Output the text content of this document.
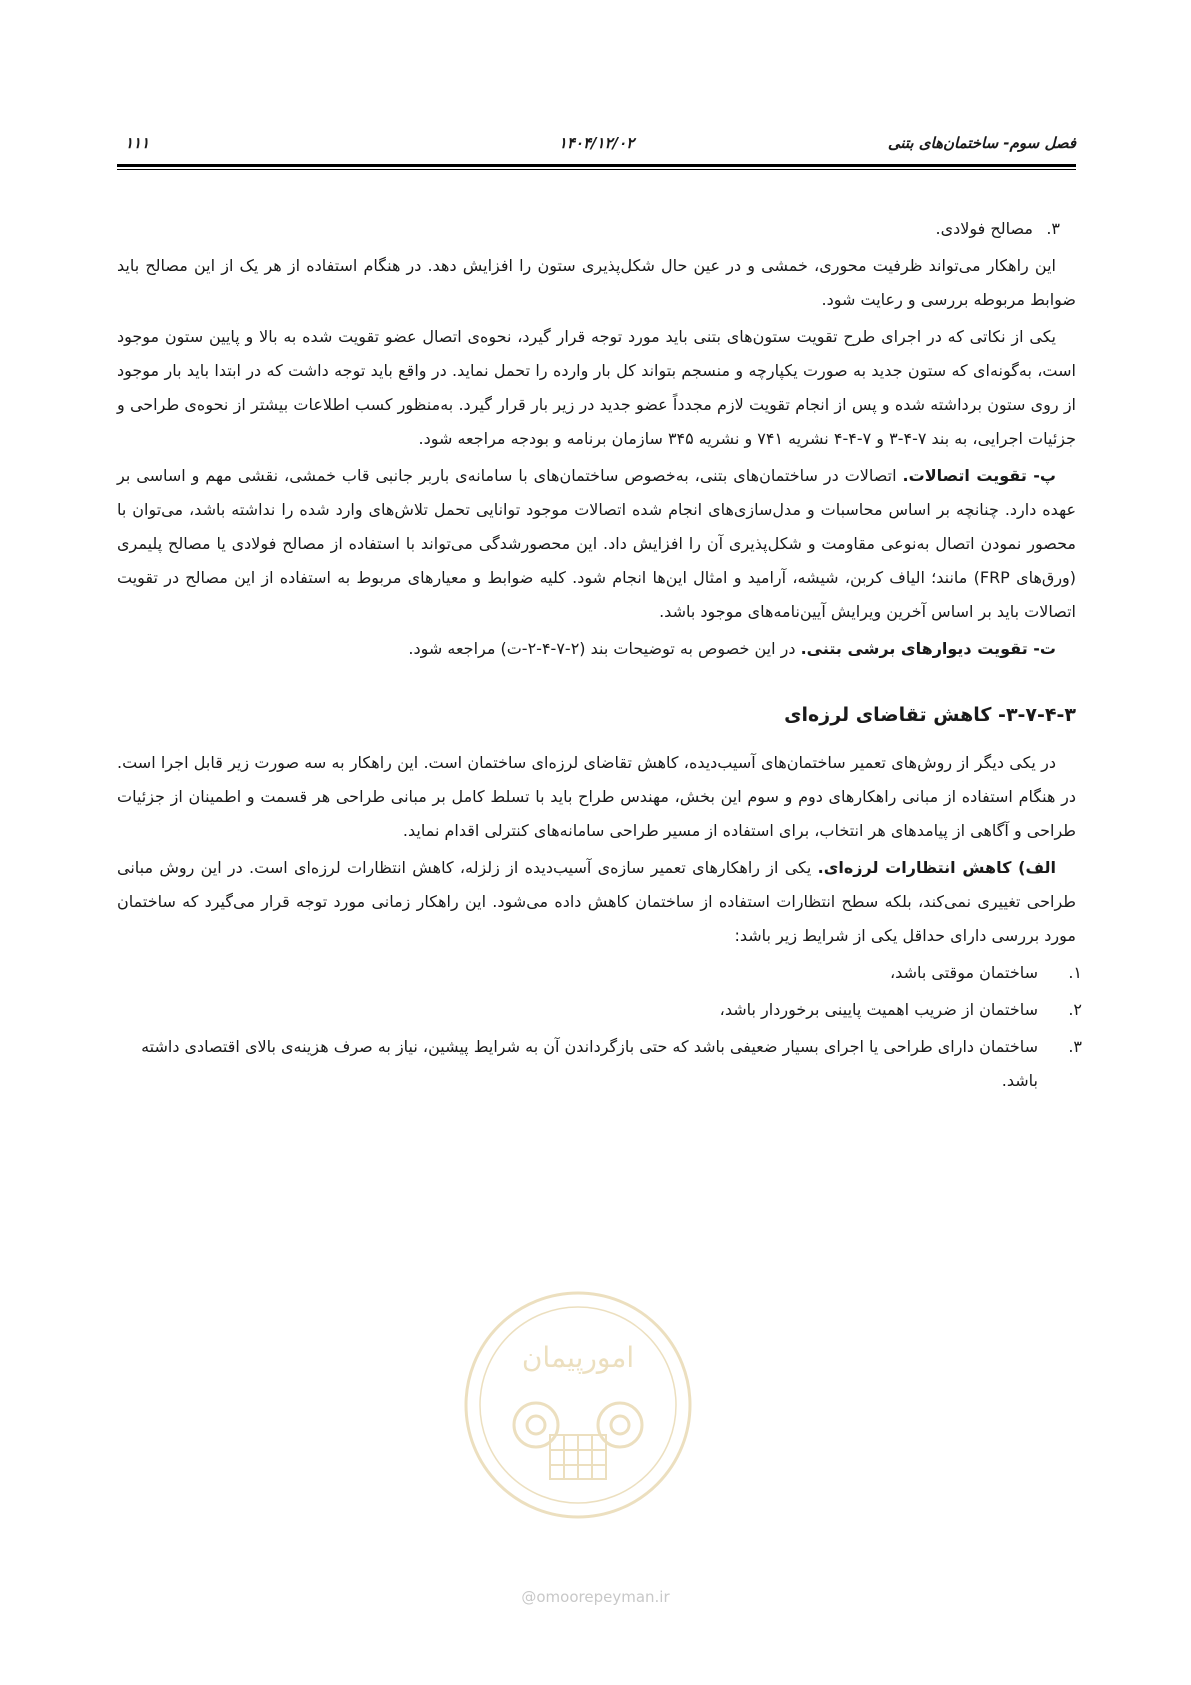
فصل سوم- ساختمان‌های بتنی
۱۴۰۴/۱۲/۰۲
۱۱۱

۳. مصالح فولادی.

این راهکار می‌تواند ظرفیت محوری، خمشی و در عین حال شکل‌پذیری ستون را افزایش دهد. در هنگام استفاده از هر یک از این مصالح باید ضوابط مربوطه بررسی و رعایت شود.

یکی از نکاتی که در اجرای طرح تقویت ستون‌های بتنی باید مورد توجه قرار گیرد، نحوه‌ی اتصال عضو تقویت شده به بالا و پایین ستون موجود است، به‌گونه‌ای که ستون جدید به صورت یکپارچه و منسجم بتواند کل بار وارده را تحمل نماید. در واقع باید توجه داشت که در ابتدا باید بار موجود از روی ستون برداشته شده و پس از انجام تقویت لازم مجدداً عضو جدید در زیر بار قرار گیرد. به‌منظور کسب اطلاعات بیشتر از نحوه‌ی طراحی و جزئیات اجرایی، به بند ۷-۴-۳ و ۷-۴-۴ نشریه ۷۴۱ و نشریه ۳۴۵ سازمان برنامه و بودجه مراجعه شود.

پ- تقویت اتصالات. اتصالات در ساختمان‌های بتنی، به‌خصوص ساختمان‌های با سامانه‌ی باربر جانبی قاب خمشی، نقشی مهم و اساسی بر عهده دارد. چنانچه بر اساس محاسبات و مدل‌سازی‌های انجام شده اتصالات موجود توانایی تحمل تلاش‌های وارد شده را نداشته باشد، می‌توان با محصور نمودن اتصال به‌نوعی مقاومت و شکل‌پذیری آن را افزایش داد. این محصورشدگی می‌تواند با استفاده از مصالح فولادی یا مصالح پلیمری (ورق‌های FRP) مانند؛ الیاف کربن، شیشه، آرامید و امثال این‌ها انجام شود. کلیه ضوابط و معیارهای مربوط به استفاده از این مصالح در تقویت اتصالات باید بر اساس آخرین ویرایش آیین‌نامه‌های موجود باشد.

ت- تقویت دیوارهای برشی بتنی. در این خصوص به توضیحات بند (۲-۷-۴-۲-ت) مراجعه شود.

۳-۷-۴-۳- کاهش تقاضای لرزه‌ای

در یکی دیگر از روش‌های تعمیر ساختمان‌های آسیب‌دیده، کاهش تقاضای لرزه‌ای ساختمان است. این راهکار به سه صورت زیر قابل اجرا است. در هنگام استفاده از مبانی راهکارهای دوم و سوم این بخش، مهندس طراح باید با تسلط کامل بر مبانی طراحی هر قسمت و اطمینان از جزئیات طراحی و آگاهی از پیامدهای هر انتخاب، برای استفاده از مسیر طراحی سامانه‌های کنترلی اقدام نماید.

الف) کاهش انتظارات لرزه‌ای. یکی از راهکارهای تعمیر سازه‌ی آسیب‌دیده از زلزله، کاهش انتظارات لرزه‌ای است. در این روش مبانی طراحی تغییری نمی‌کند، بلکه سطح انتظارات استفاده از ساختمان کاهش داده می‌شود. این راهکار زمانی مورد توجه قرار می‌گیرد که ساختمان مورد بررسی دارای حداقل یکی از شرایط زیر باشد:

۱.ساختمان موقتی باشد،

۲.ساختمان از ضریب اهمیت پایینی برخوردار باشد،

۳.ساختمان دارای طراحی یا اجرای بسیار ضعیفی باشد که حتی بازگرداندن آن به شرایط پیشین، نیاز به صرف هزینه‌ی بالای اقتصادی داشته باشد.

امورپیمان
@omoorepeyman.ir
